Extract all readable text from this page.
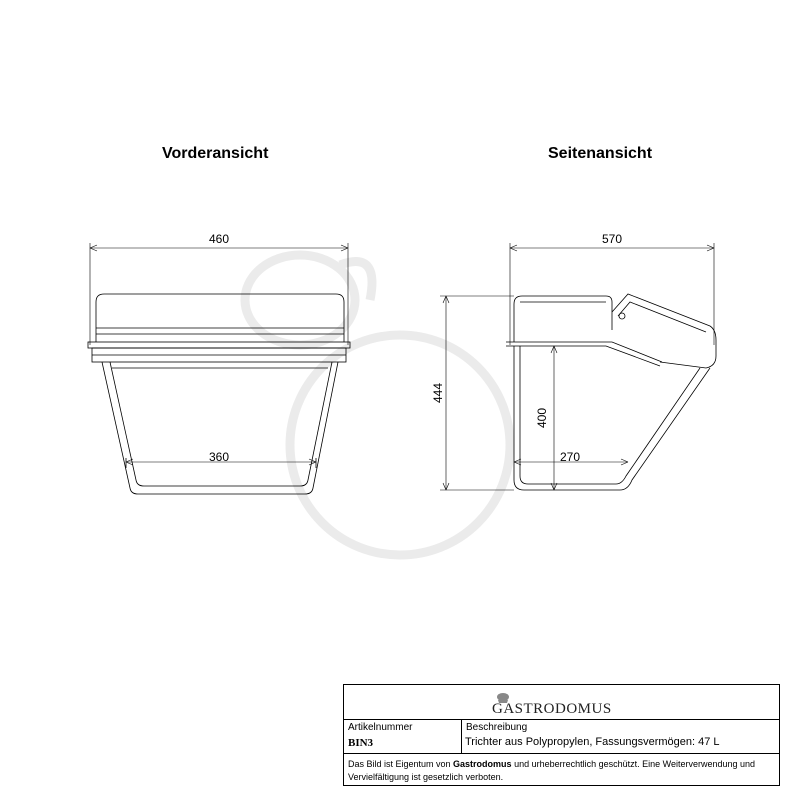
Vorderansicht	Seitenansicht
460
360
570
270
444
400
GASTRODOMUS
Artikelnummer
BIN3
Beschreibung
Trichter aus Polypropylen, Fassungsvermögen: 47 L
Das Bild ist Eigentum von Gastrodomus und urheberrechtlich geschützt. Eine Weiterverwendung und Vervielfältigung ist gesetzlich verboten.
